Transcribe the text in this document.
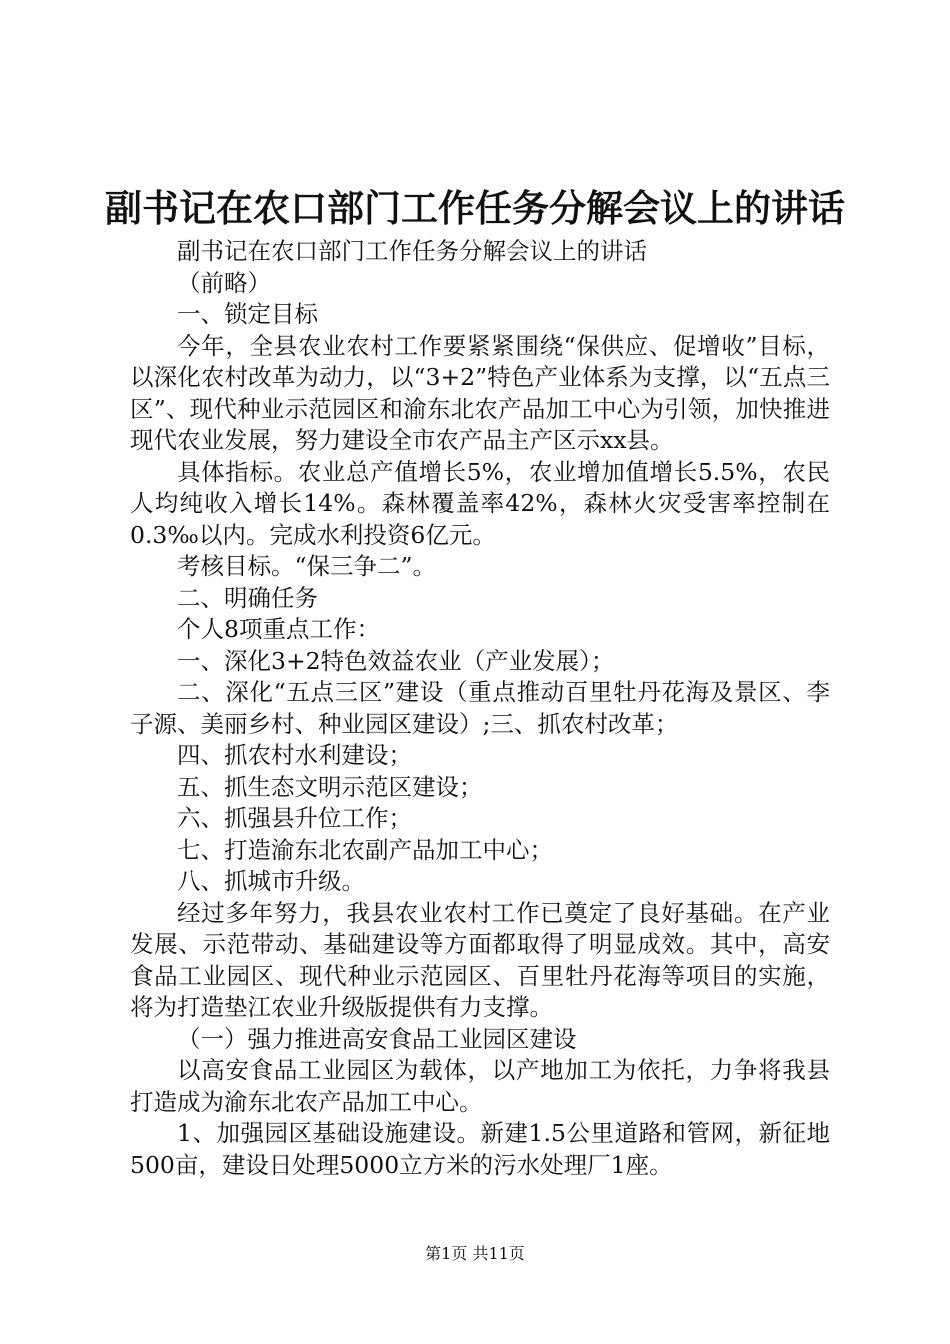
副书记在农口部门工作任务分解会议上的讲话

副书记在农口部门工作任务分解会议上的讲话

（前略）

一、锁定目标

今年，全县农业农村工作要紧紧围绕“保供应、促增收”目标，以深化农村改革为动力，以“3+2”特色产业体系为支撑，以“五点三区”、现代种业示范园区和渝东北农产品加工中心为引领，加快推进现代农业发展，努力建设全市农产品主产区示xx县。

具体指标。农业总产值增长5%，农业增加值增长5.5%，农民人均纯收入增长14%。森林覆盖率42%，森林火灾受害率控制在0.3‰以内。完成水利投资6亿元。

考核目标。“保三争二”。

二、明确任务

个人8项重点工作：

一、深化3+2特色效益农业（产业发展）；

二、深化“五点三区”建设（重点推动百里牡丹花海及景区、李子源、美丽乡村、种业园区建设）;三、抓农村改革；

四、抓农村水利建设；

五、抓生态文明示范区建设；

六、抓强县升位工作；

七、打造渝东北农副产品加工中心；

八、抓城市升级。

经过多年努力，我县农业农村工作已奠定了良好基础。在产业发展、示范带动、基础建设等方面都取得了明显成效。其中，高安食品工业园区、现代种业示范园区、百里牡丹花海等项目的实施，将为打造垫江农业升级版提供有力支撑。

（一）强力推进高安食品工业园区建设

以高安食品工业园区为载体，以产地加工为依托，力争将我县打造成为渝东北农产品加工中心。

1、加强园区基础设施建设。新建1.5公里道路和管网，新征地500亩，建设日处理5000立方米的污水处理厂1座。

第1页 共11页
